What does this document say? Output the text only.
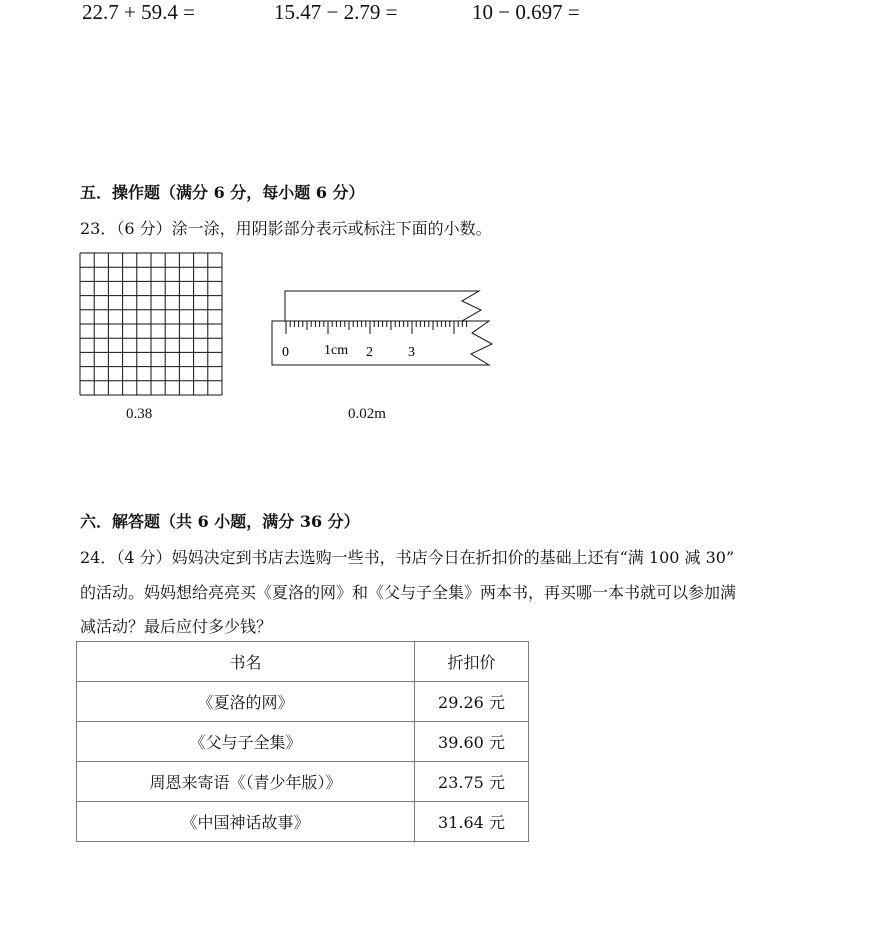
22.7 + 59.4 =	15.47 − 2.79 =	10 − 0.697 =
五．操作题（满分 6 分，每小题 6 分）
23．（6 分）涂一涂，用阴影部分表示或标注下面的小数。
0.38
0	1cm 2	3
0.02m
六．解答题（共 6 小题，满分 36 分）
24．（4 分）妈妈决定到书店去选购一些书，书店今日在折扣价的基础上还有“满 100 减 30”
的活动。妈妈想给亮亮买《夏洛的网》和《父与子全集》两本书，再买哪一本书就可以参加满
减活动？最后应付多少钱？
书名	折扣价
《夏洛的网》	29.26 元
《父与子全集》	39.60 元
周恩来寄语《（青少年版）》	23.75 元
《中国神话故事》	31.64 元
